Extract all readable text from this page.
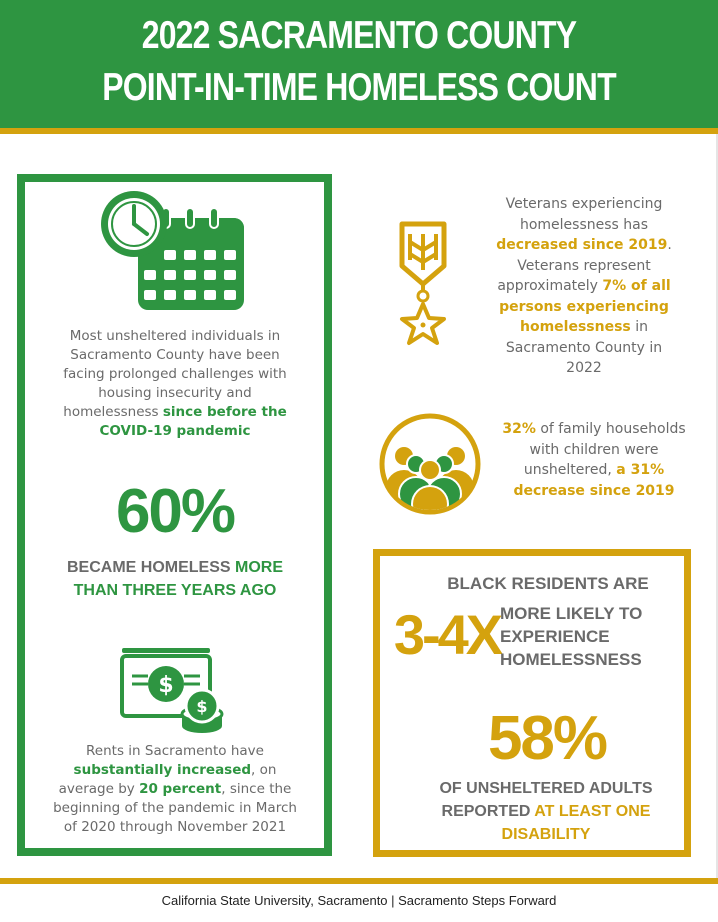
2022 SACRAMENTO COUNTY
POINT-IN-TIME HOMELESS COUNT
Most unsheltered individuals in Sacramento County have been facing prolonged challenges with housing insecurity and homelessness since before the COVID-19 pandemic
60%
BECAME HOMELESS MORE THAN THREE YEARS AGO
$
$
Rents in Sacramento have substantially increased, on average by 20 percent, since the beginning of the pandemic in March of 2020 through November 2021
Veterans experiencing homelessness has decreased since 2019. Veterans represent approximately 7% of all persons experiencing homelessness in Sacramento County in 2022
32% of family households with children were unsheltered, a 31% decrease since 2019
BLACK RESIDENTS ARE
3-4X MORE LIKELY TO EXPERIENCE HOMELESSNESS
58%
OF UNSHELTERED ADULTS REPORTED AT LEAST ONE DISABILITY
California State University, Sacramento | Sacramento Steps Forward
